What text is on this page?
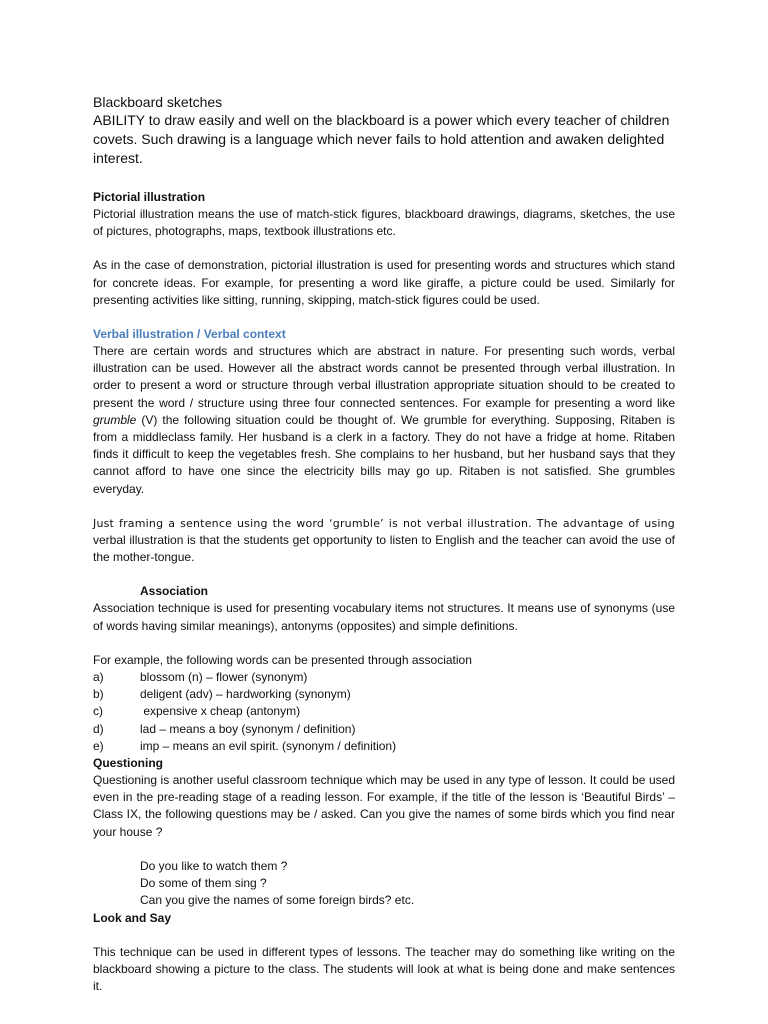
Blackboard sketches

ABILITY to draw easily and well on the blackboard is a power which every teacher of children covets. Such drawing is a language which never fails to hold attention and awaken delighted interest.

Pictorial illustration

Pictorial illustration means the use of match-stick figures, blackboard drawings, diagrams, sketches, the use of pictures, photographs, maps, textbook illustrations etc.

As in the case of demonstration, pictorial illustration is used for presenting words and structures which stand for concrete ideas. For example, for presenting a word like giraffe, a picture could be used. Similarly for presenting activities like sitting, running, skipping, match-stick figures could be used.

Verbal illustration / Verbal context

There are certain words and structures which are abstract in nature. For presenting such words, verbal illustration can be used. However all the abstract words cannot be presented through verbal illustration. In order to present a word or structure through verbal illustration appropriate situation should to be created to present the word / structure using three four connected sentences. For example for presenting a word like grumble (V) the following situation could be thought of. We grumble for everything. Supposing, Ritaben is from a middleclass family. Her husband is a clerk in a factory. They do not have a fridge at home. Ritaben finds it difficult to keep the vegetables fresh. She complains to her husband, but her husband says that they cannot afford to have one since the electricity bills may go up. Ritaben is not satisfied. She grumbles everyday.

Just framing a sentence using the word ‘grumble’ is not verbal illustration. The advantage of using verbal illustration is that the students get opportunity to listen to English and the teacher can avoid the use of the mother-tongue.

Association

Association technique is used for presenting vocabulary items not structures. It means use of synonyms (use of words having similar meanings), antonyms (opposites) and simple definitions.

For example, the following words can be presented through association

a)	blossom (n) – flower (synonym)
b)	deligent (adv) – hardworking (synonym)
c)	expensive x cheap (antonym)
d)	lad – means a boy (synonym / definition)
e)	imp – means an evil spirit. (synonym / definition)

Questioning

Questioning is another useful classroom technique which may be used in any type of lesson. It could be used even in the pre-reading stage of a reading lesson. For example, if the title of the lesson is ‘Beautiful Birds’ – Class IX, the following questions may be / asked. Can you give the names of some birds which you find near your house ?

Do you like to watch them ?
Do some of them sing ?
Can you give the names of some foreign birds? etc.

Look and Say

This technique can be used in different types of lessons. The teacher may do something like writing on the blackboard showing a picture to the class. The students will look at what is being done and make sentences it.
